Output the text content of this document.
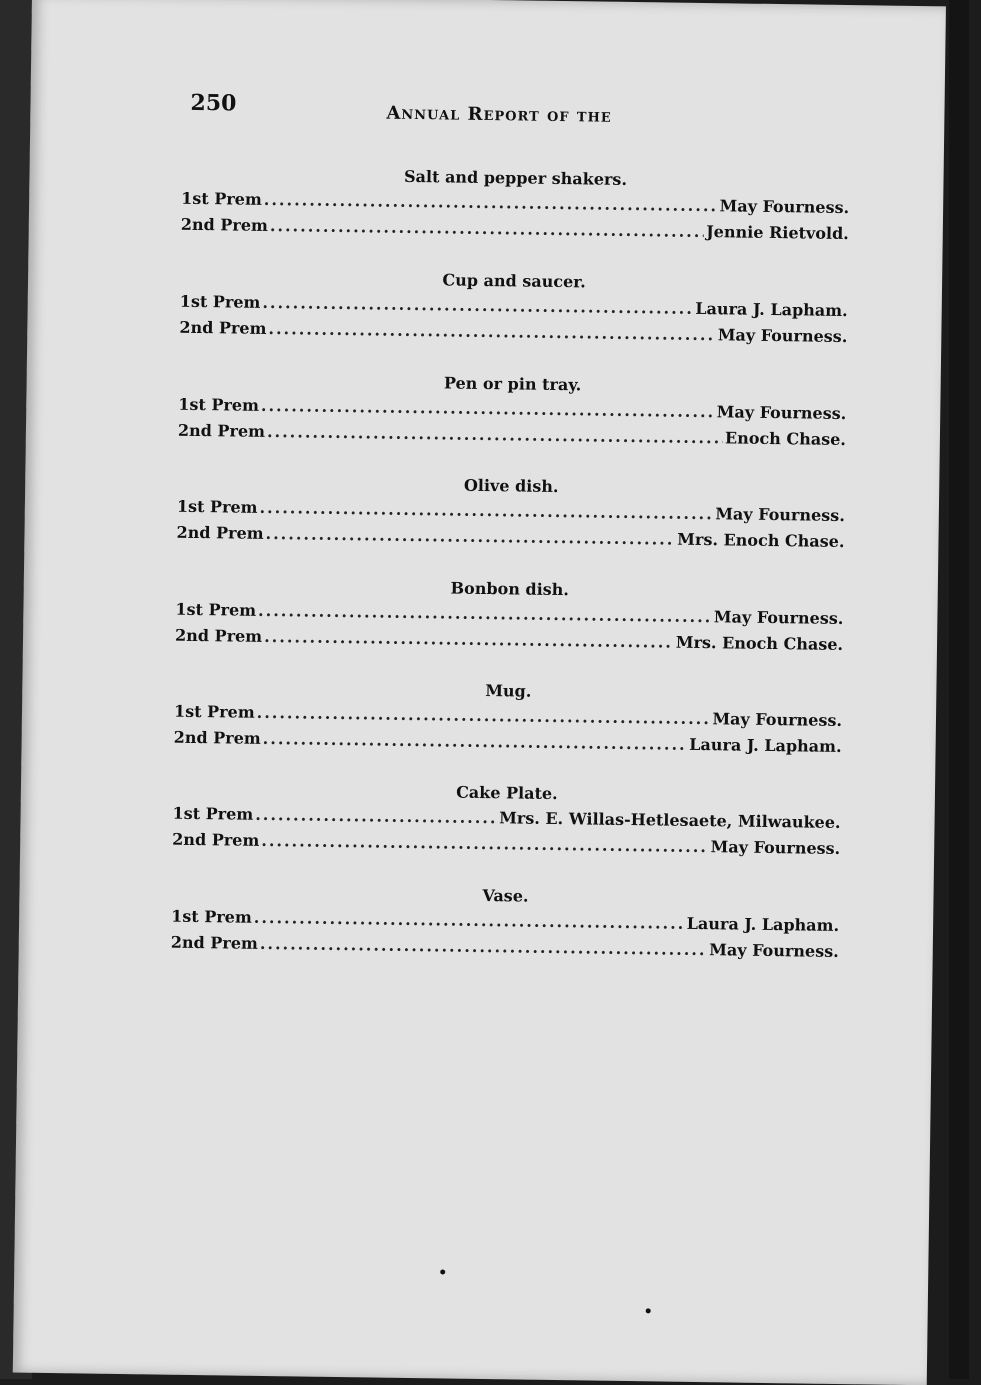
250	Annual Report of the
Salt and pepper shakers.
1st Prem .....	May Fourness.
2nd Prem .....	Jennie Rietvold.
Cup and saucer.
1st Prem .....	Laura J. Lapham.
2nd Prem .....	May Fourness.
Pen or pin tray.
1st Prem .....	May Fourness.
2nd Prem .....	Enoch Chase.
Olive dish.
1st Prem .....	May Fourness.
2nd Prem .....	Mrs. Enoch Chase.
Bonbon dish.
1st Prem .....	May Fourness.
2nd Prem .....	Mrs. Enoch Chase.
Mug.
1st Prem .....	May Fourness.
2nd Prem .....	Laura J. Lapham.
Cake Plate.
1st Prem .....	Mrs. E. Willas-Hetlesaete, Milwaukee.
2nd Prem .....	May Fourness.
Vase.
1st Prem .....	Laura J. Lapham.
2nd Prem .....	May Fourness.
